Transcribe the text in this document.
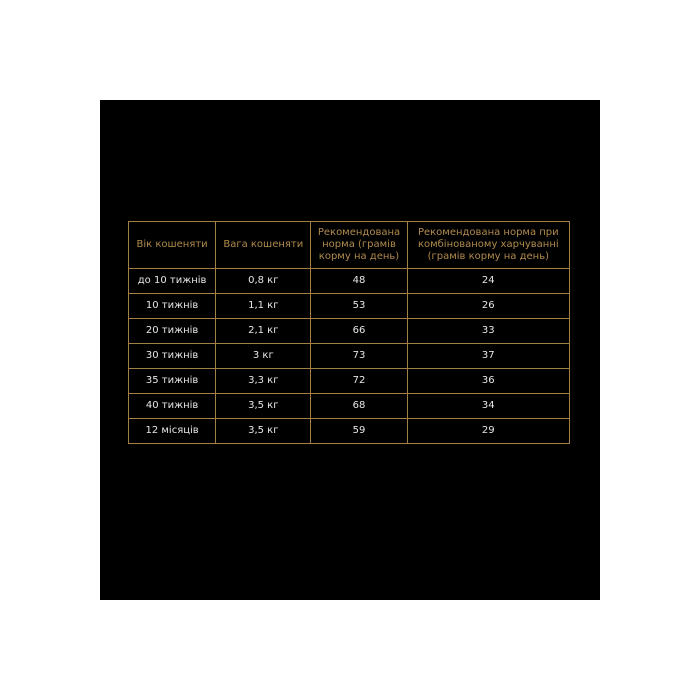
Вік кошеняти	Вага кошеняти	Рекомендована норма (грамів корму на день)	Рекомендована норма при комбінованому харчуванні (грамів корму на день)
до 10 тижнів	0,8 кг	48	24
10 тижнів	1,1 кг	53	26
20 тижнів	2,1 кг	66	33
30 тижнів	3 кг	73	37
35 тижнів	3,3 кг	72	36
40 тижнів	3,5 кг	68	34
12 місяців	3,5 кг	59	29
